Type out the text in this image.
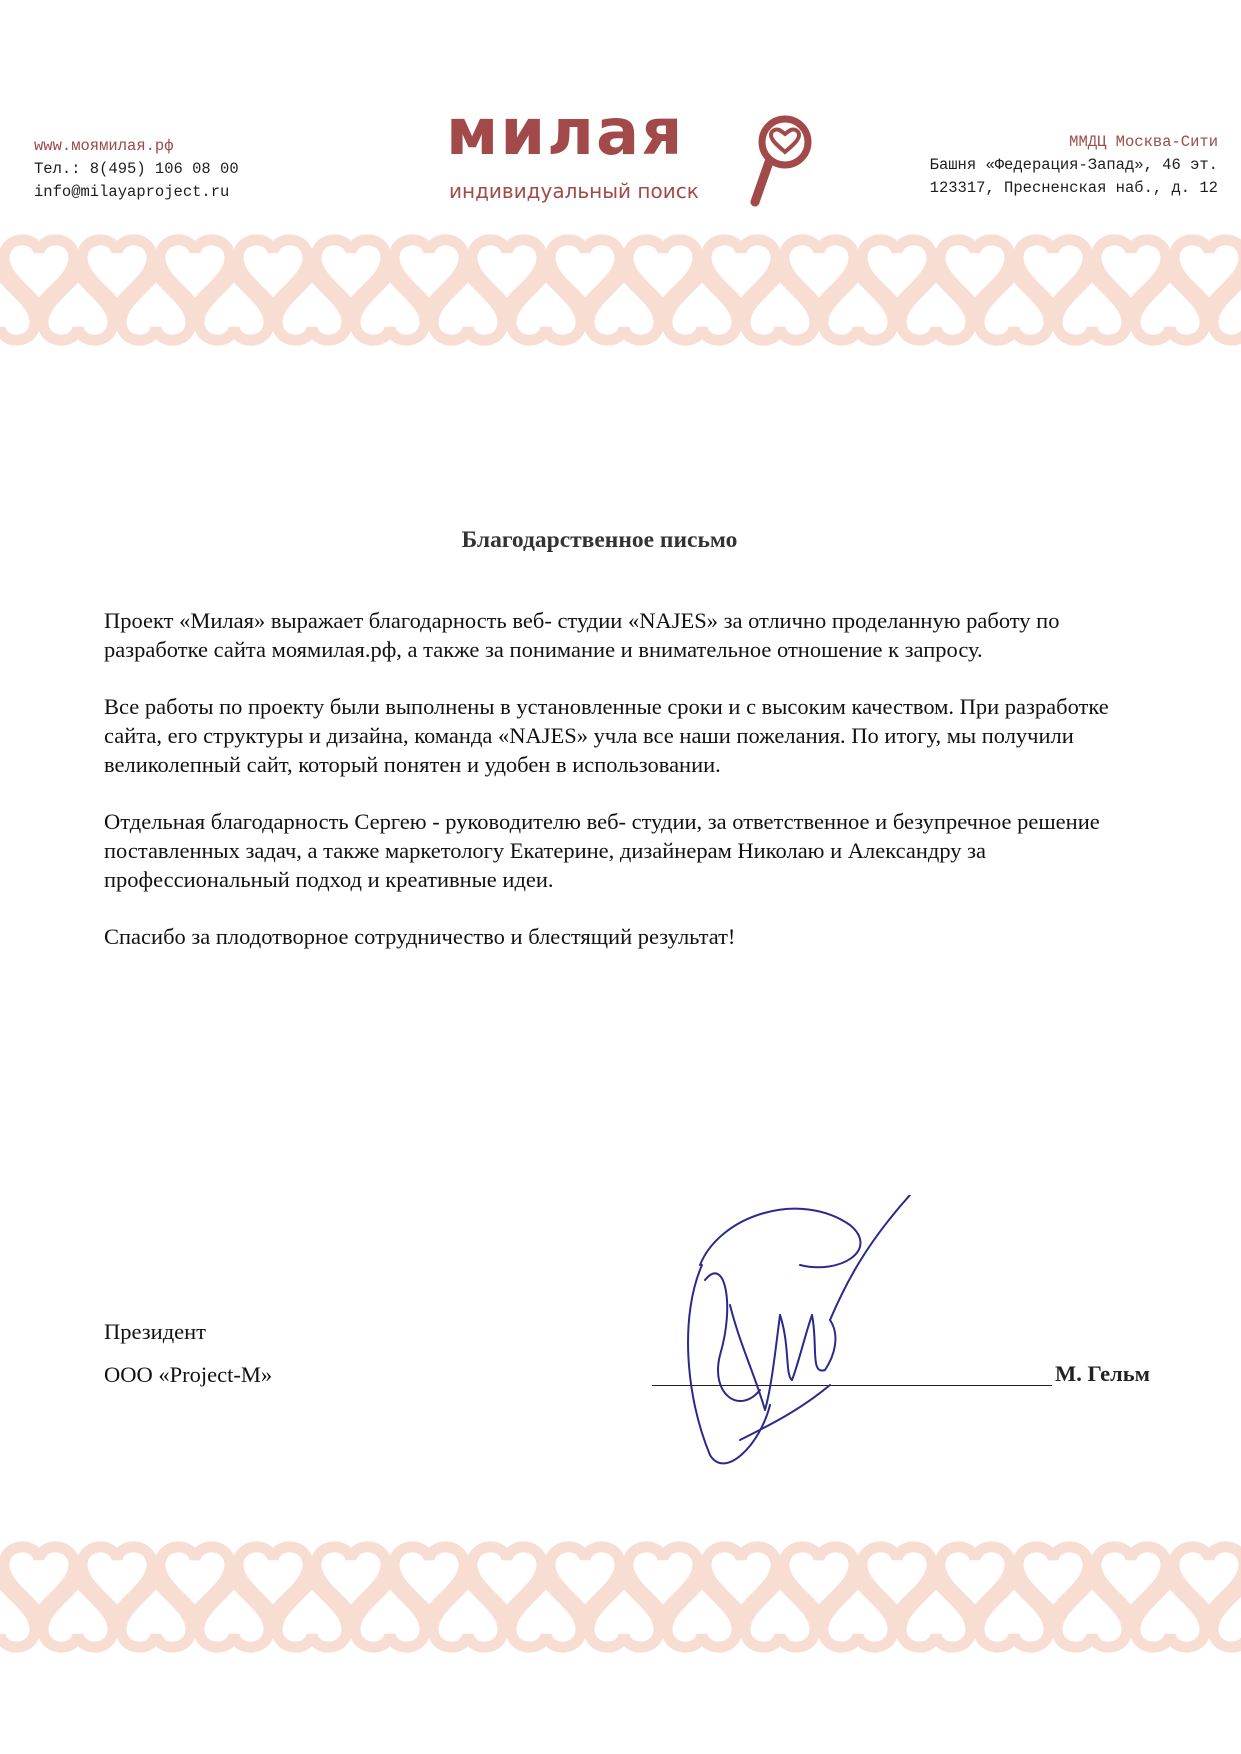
www.моямилая.рф
Тел.: 8(495) 106 08 00
info@milayaproject.ru
милая
индивидуальный поиск
ММДЦ Москва-Сити
Башня «Федерация-Запад», 46 эт.
123317, Пресненская наб., д. 12
Благодарственное письмо

Проект «Милая» выражает благодарность веб- студии «NAJES» за отлично проделанную работу по разработке сайта моямилая.рф, а также за понимание и внимательное отношение к запросу.

Все работы по проекту были выполнены в установленные сроки и с высоким качеством. При разработке сайта, его структуры и дизайна, команда «NAJES» учла все наши пожелания. По итогу, мы получили великолепный сайт, который понятен и удобен в использовании.

Отдельная благодарность Сергею - руководителю веб- студии, за ответственное и безупречное решение поставленных задач, а также маркетологу Екатерине, дизайнерам Николаю и Александру за профессиональный подход и креативные идеи.

Спасибо за плодотворное сотрудничество и блестящий результат!

Президент
ООО «Project-M»	М. Гельм
